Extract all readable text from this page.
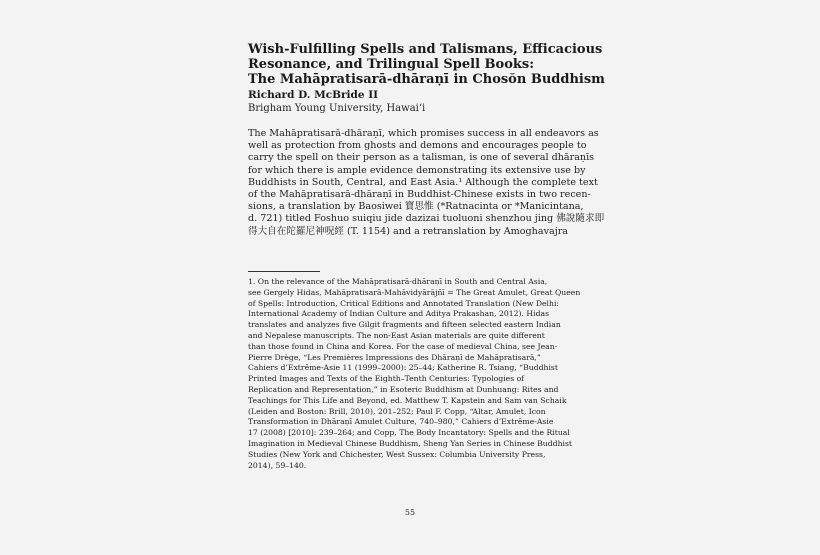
Wish-Fulfilling Spells and Talismans, Efficacious
Resonance, and Trilingual Spell Books:
The Mahāpratisarā-dhāraṇī in Chosŏn Buddhism
Richard D. McBride II
Brigham Young University, Hawai‘i
The Mahāpratisarā-dhāraṇī, which promises success in all endeavors as
well as protection from ghosts and demons and encourages people to
carry the spell on their person as a talisman, is one of several dhāraṇīs
for which there is ample evidence demonstrating its extensive use by
Buddhists in South, Central, and East Asia.¹ Although the complete text
of the Mahāpratisarā-dhāraṇī in Buddhist-Chinese exists in two recen-
sions, a translation by Baosiwei 寶思惟 (*Ratnacinta or *Manicintana,
d. 721) titled Foshuo suiqiu jide dazizai tuoluoni shenzhou jing 佛說隨求即
得大自在陀羅尼神呪經 (T. 1154) and a retranslation by Amoghavajra
1. On the relevance of the Mahāpratisarā-dhāraṇī in South and Central Asia,
see Gergely Hidas, Mahāpratisarā-Mahāvidyārājñī = The Great Amulet, Great Queen
of Spells: Introduction, Critical Editions and Annotated Translation (New Delhi:
International Academy of Indian Culture and Aditya Prakashan, 2012). Hidas
translates and analyzes five Gilgit fragments and fifteen selected eastern Indian
and Nepalese manuscripts. The non-East Asian materials are quite different
than those found in China and Korea. For the case of medieval China, see Jean-
Pierre Drège, “Les Premières Impressions des Dhāraṇī de Mahāpratisarā,”
Cahiers d’Extrême-Asie 11 (1999–2000): 25–44; Katherine R. Tsiang, “Buddhist
Printed Images and Texts of the Eighth–Tenth Centuries: Typologies of
Replication and Representation,” in Esoteric Buddhism at Dunhuang: Rites and
Teachings for This Life and Beyond, ed. Matthew T. Kapstein and Sam van Schaik
(Leiden and Boston: Brill, 2010), 201–252; Paul F. Copp, “Altar, Amulet, Icon
Transformation in Dhāraṇī Amulet Culture, 740–980,” Cahiers d’Extrême-Asie
17 (2008) [2010]: 239–264; and Copp, The Body Incantatory: Spells and the Ritual
Imagination in Medieval Chinese Buddhism, Sheng Yan Series in Chinese Buddhist
Studies (New York and Chichester, West Sussex: Columbia University Press,
2014), 59–140.
55
